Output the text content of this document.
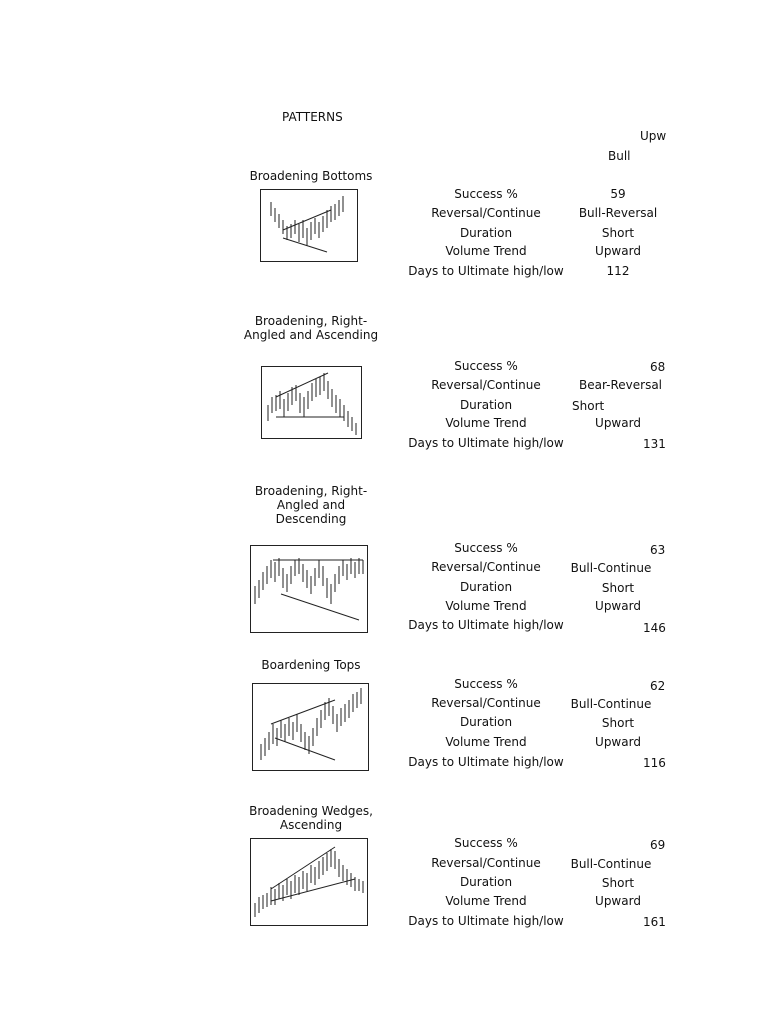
PATTERNS
Upw
Bull
Broadening Bottoms
Success %
Reversal/Continue
Duration
Volume Trend
Days to Ultimate high/low
59
Bull-Reversal
Short
Upward
112
Broadening, Right-
Angled and Ascending
Success %
Reversal/Continue
Duration
Volume Trend
Days to Ultimate high/low
68
Bear-Reversal
Short
Upward
131
Broadening, Right-
Angled and
Descending
Success %
Reversal/Continue
Duration
Volume Trend
Days to Ultimate high/low
63
Bull-Continue
Short
Upward
146
Boardening Tops
Success %
Reversal/Continue
Duration
Volume Trend
Days to Ultimate high/low
62
Bull-Continue
Short
Upward
116
Broadening Wedges,
Ascending
Success %
Reversal/Continue
Duration
Volume Trend
Days to Ultimate high/low
69
Bull-Continue
Short
Upward
161
